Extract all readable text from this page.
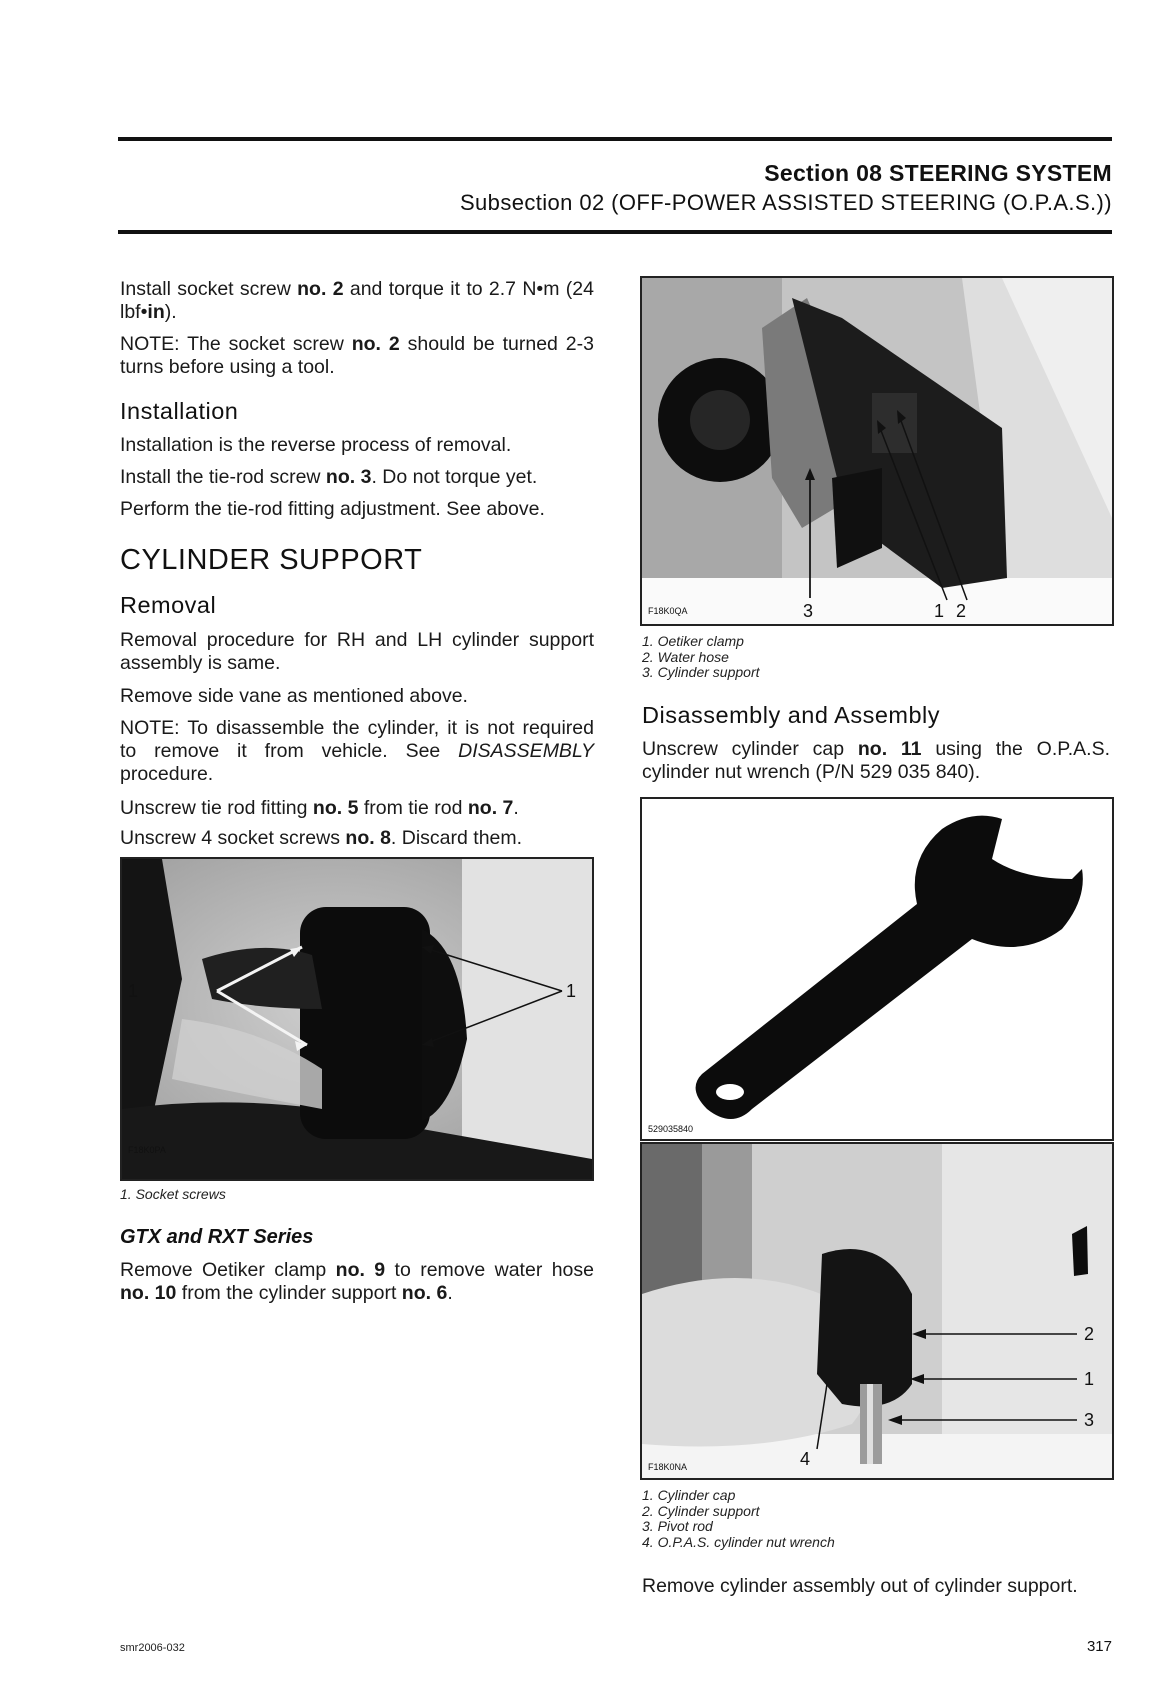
Section 08 STEERING SYSTEM
Subsection 02 (OFF-POWER ASSISTED STEERING (O.P.A.S.))
Install socket screw no. 2 and torque it to 2.7 N•m (24 lbf•in).
NOTE: The socket screw no. 2 should be turned 2-3 turns before using a tool.
Installation
Installation is the reverse process of removal.
Install the tie-rod screw no. 3. Do not torque yet.
Perform the tie-rod fitting adjustment. See above.
CYLINDER SUPPORT
Removal
Removal procedure for RH and LH cylinder support assembly is same.
Remove side vane as mentioned above.
NOTE: To disassemble the cylinder, it is not required to remove it from vehicle. See DISASSEMBLY procedure.
Unscrew tie rod fitting no. 5 from tie rod no. 7.
Unscrew 4 socket screws no. 8. Discard them.
1	1
F18K0PA
1. Socket screws
GTX and RXT Series
Remove Oetiker clamp no. 9 to remove water hose no. 10 from the cylinder support no. 6.
F18K0QA	3	1 2
1. Oetiker clamp
2. Water hose
3. Cylinder support
Disassembly and Assembly
Unscrew cylinder cap no. 11 using the O.P.A.S. cylinder nut wrench (P/N 529 035 840).
529035840
2
1
3
4
F18K0NA
1. Cylinder cap
2. Cylinder support
3. Pivot rod
4. O.P.A.S. cylinder nut wrench
Remove cylinder assembly out of cylinder support.
smr2006-032	317
